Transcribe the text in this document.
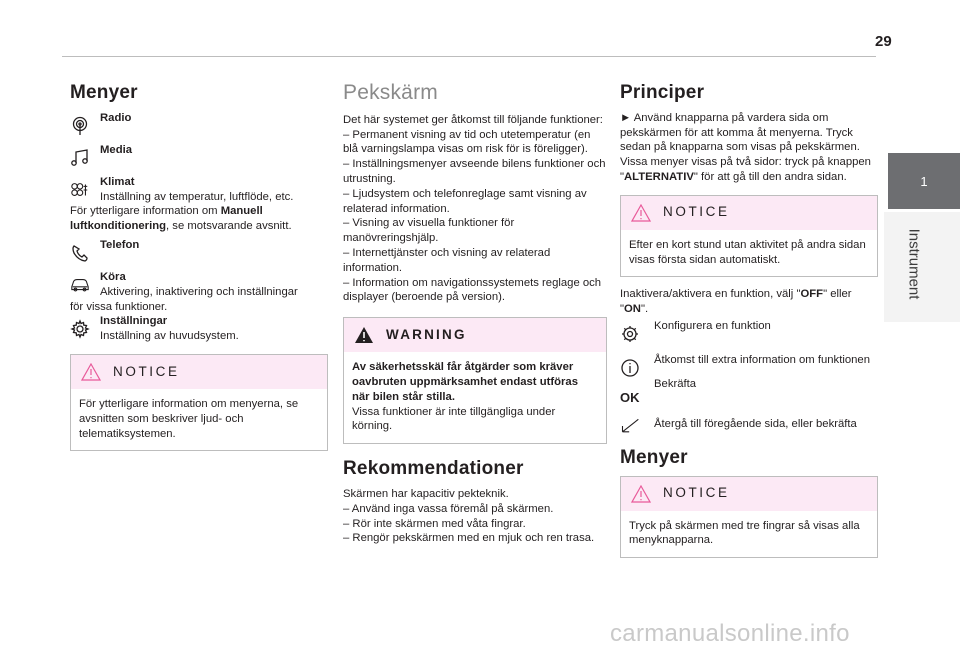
29
1
Instrument
Menyer
Radio
Media
Klimat
Inställning av temperatur, luftflöde, etc.
För ytterligare information om Manuell luftkonditionering, se motsvarande avsnitt.
Telefon
Köra
Aktivering, inaktivering och inställningar
för vissa funktioner.
Inställningar
Inställning av huvudsystem.
NOTICE
För ytterligare information om menyerna, se avsnitten som beskriver ljud- och telematiksystemen.
Pekskärm
Det här systemet ger åtkomst till följande funktioner:
– Permanent visning av tid och utetemperatur (en blå varningslampa visas om risk för is föreligger).
– Inställningsmenyer avseende bilens funktioner och utrustning.
– Ljudsystem och telefonreglage samt visning av relaterad information.
– Visning av visuella funktioner för manövreringshjälp.
– Internettjänster och visning av relaterad information.
– Information om navigationssystemets reglage och displayer (beroende på version).
WARNING
Av säkerhetsskäl får åtgärder som kräver oavbruten uppmärksamhet endast utföras när bilen står stilla.
Vissa funktioner är inte tillgängliga under körning.
Rekommendationer
Skärmen har kapacitiv pekteknik.
– Använd inga vassa föremål på skärmen.
– Rör inte skärmen med våta fingrar.
– Rengör pekskärmen med en mjuk och ren trasa.
Principer
► Använd knapparna på vardera sida om pekskärmen för att komma åt menyerna. Tryck sedan på knapparna som visas på pekskärmen. Vissa menyer visas på två sidor: tryck på knappen "ALTERNATIV" för att gå till den andra sidan.
NOTICE
Efter en kort stund utan aktivitet på andra sidan visas första sidan automatiskt.
Inaktivera/aktivera en funktion, välj "OFF" eller "ON".
Konfigurera en funktion
Åtkomst till extra information om funktionen
OK
Bekräfta
Återgå till föregående sida, eller bekräfta
Menyer
NOTICE
Tryck på skärmen med tre fingrar så visas alla menyknapparna.
carmanualsonline.info
